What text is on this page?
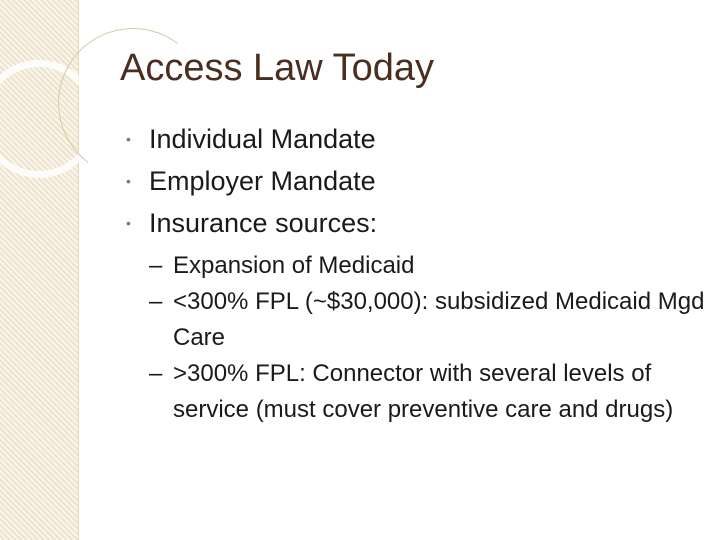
Access Law Today
• Individual Mandate
• Employer Mandate
• Insurance sources:
– Expansion of Medicaid
– <300% FPL (~$30,000): subsidized Medicaid Mgd Care
– >300% FPL: Connector with several levels of service (must cover preventive care and drugs)
